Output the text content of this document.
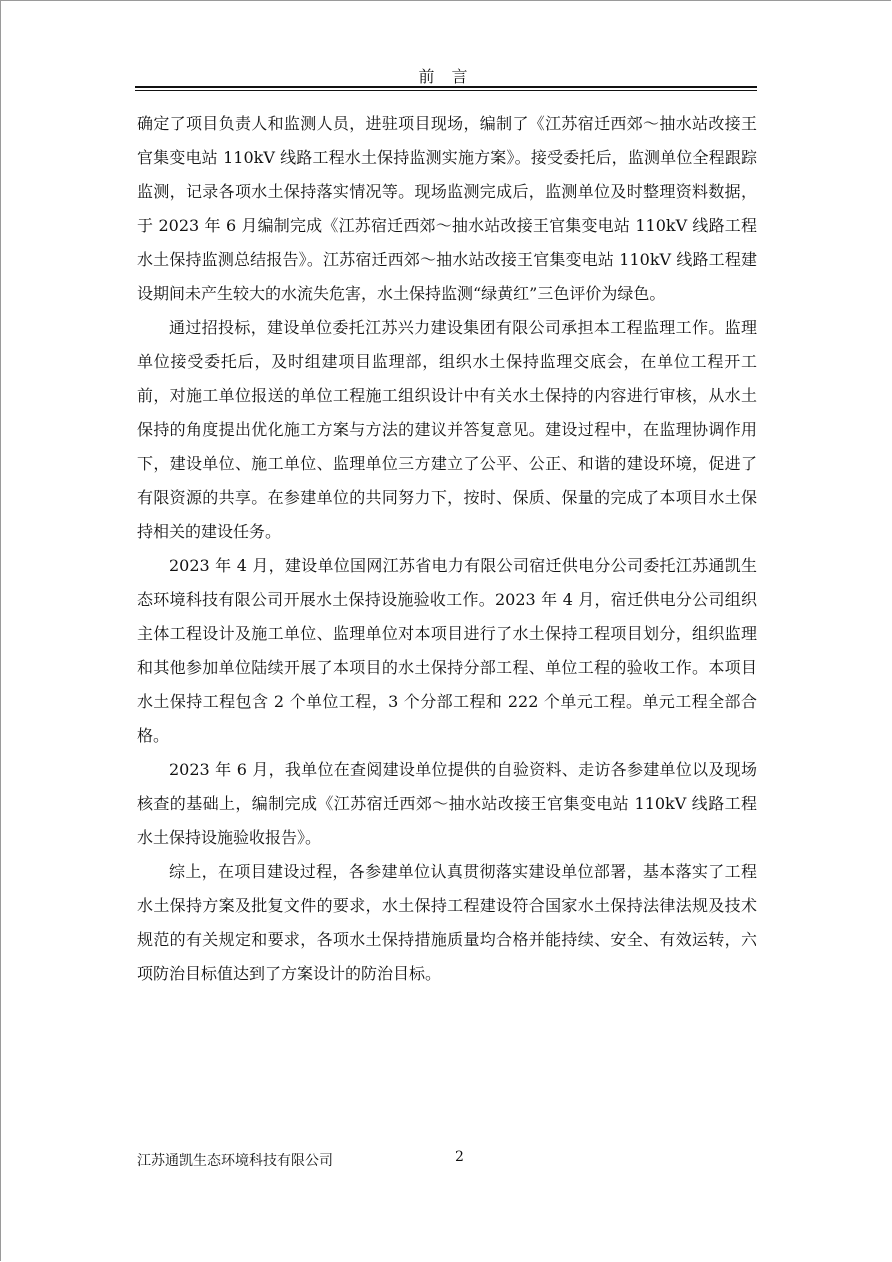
前 言

确定了项目负责人和监测人员，进驻项目现场，编制了《江苏宿迁西郊～抽水站改接王官集变电站 110kV 线路工程水土保持监测实施方案》。接受委托后，监测单位全程跟踪监测，记录各项水土保持落实情况等。现场监测完成后，监测单位及时整理资料数据，于 2023 年 6 月编制完成《江苏宿迁西郊～抽水站改接王官集变电站 110kV 线路工程水土保持监测总结报告》。江苏宿迁西郊～抽水站改接王官集变电站 110kV 线路工程建设期间未产生较大的水流失危害，水土保持监测“绿黄红”三色评价为绿色。

通过招投标，建设单位委托江苏兴力建设集团有限公司承担本工程监理工作。监理单位接受委托后，及时组建项目监理部，组织水土保持监理交底会，在单位工程开工前，对施工单位报送的单位工程施工组织设计中有关水土保持的内容进行审核，从水土保持的角度提出优化施工方案与方法的建议并答复意见。建设过程中，在监理协调作用下，建设单位、施工单位、监理单位三方建立了公平、公正、和谐的建设环境，促进了有限资源的共享。在参建单位的共同努力下，按时、保质、保量的完成了本项目水土保持相关的建设任务。

2023 年 4 月，建设单位国网江苏省电力有限公司宿迁供电分公司委托江苏通凯生态环境科技有限公司开展水土保持设施验收工作。2023 年 4 月，宿迁供电分公司组织主体工程设计及施工单位、监理单位对本项目进行了水土保持工程项目划分，组织监理和其他参加单位陆续开展了本项目的水土保持分部工程、单位工程的验收工作。本项目水土保持工程包含 2 个单位工程，3 个分部工程和 222 个单元工程。单元工程全部合格。

2023 年 6 月，我单位在查阅建设单位提供的自验资料、走访各参建单位以及现场核查的基础上，编制完成《江苏宿迁西郊～抽水站改接王官集变电站 110kV 线路工程水土保持设施验收报告》。

综上，在项目建设过程，各参建单位认真贯彻落实建设单位部署，基本落实了工程水土保持方案及批复文件的要求，水土保持工程建设符合国家水土保持法律法规及技术规范的有关规定和要求，各项水土保持措施质量均合格并能持续、安全、有效运转，六项防治目标值达到了方案设计的防治目标。

江苏通凯生态环境科技有限公司	2
